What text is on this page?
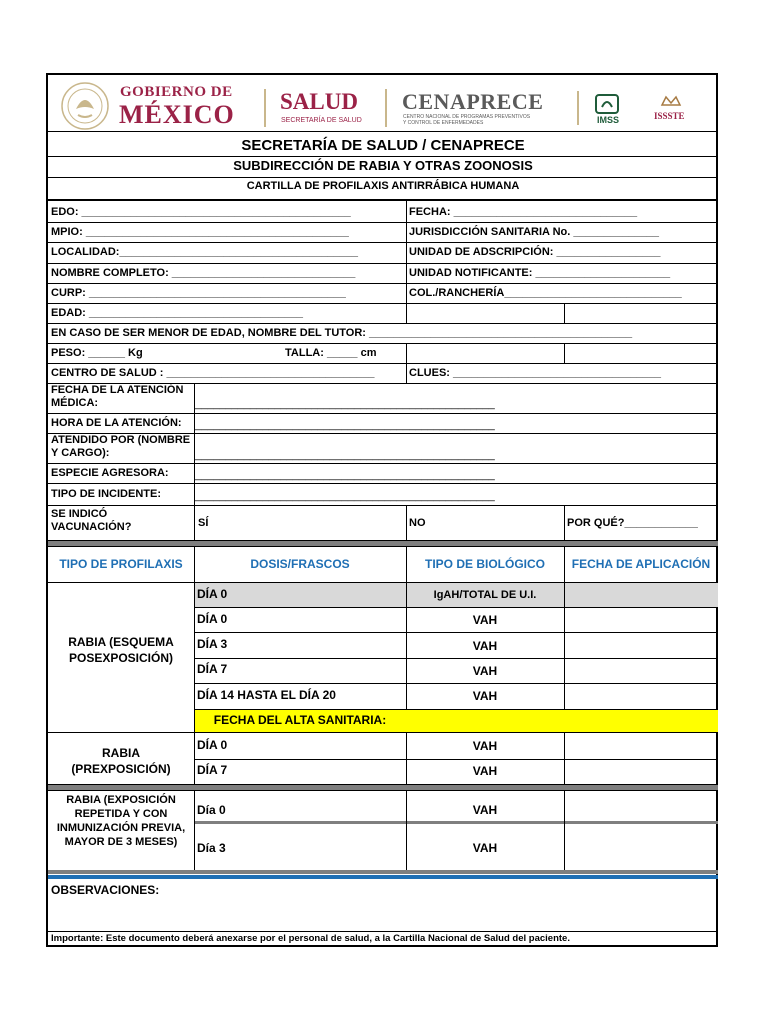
GOBIERNO DE
MÉXICO SALUD
SECRETARÍA DE SALUD
CENAPRECE
CENTRO NACIONAL DE PROGRAMAS PREVENTIVOS
Y CONTROL DE ENFERMEDADES	IMSS	ISSSTE
SECRETARÍA DE SALUD / CENAPRECE
SUBDIRECCIÓN DE RABIA Y OTRAS ZOONOSIS
CARTILLA DE PROFILAXIS ANTIRRÁBICA HUMANA
EDO: ____________________________________________	FECHA: ______________________________
MPIO: ___________________________________________	JURISDICCIÓN SANITARIA No. ______________
LOCALIDAD:_______________________________________	UNIDAD DE ADSCRIPCIÓN: _________________
NOMBRE COMPLETO: ______________________________	UNIDAD NOTIFICANTE: ______________________
CURP: __________________________________________	COL./RANCHERÍA_____________________________
EDAD: ___________________________________
EN CASO DE SER MENOR DE EDAD, NOMBRE DEL TUTOR: ___________________________________________
PESO: ______ Kg	TALLA: _____ cm
CENTRO DE SALUD : __________________________________	CLUES: __________________________________
FECHA DE LA ATENCIÓN MÉDICA:	_________________________________________________
HORA DE LA ATENCIÓN: _________________________________________________
ATENDIDO POR (NOMBRE Y CARGO):	_________________________________________________
ESPECIE AGRESORA: _________________________________________________
TIPO DE INCIDENTE:	_________________________________________________
SE INDICÓ VACUNACIÓN?	SÍ	NO	POR QUÉ?____________
TIPO DE PROFILAXIS	DOSIS/FRASCOS	TIPO DE BIOLÓGICO	FECHA DE APLICACIÓN
RABIA (ESQUEMA POSEXPOSICIÓN)
DÍA 0	IgAH/TOTAL DE U.I.
DÍA 0	VAH
DÍA 3	VAH
DÍA 7	VAH
DÍA 14 HASTA EL DÍA 20	VAH
FECHA DEL ALTA SANITARIA:
RABIA (PREXPOSICIÓN)
DÍA 0	VAH
DÍA 7	VAH
RABIA (EXPOSICIÓN REPETIDA Y CON INMUNIZACIÓN PREVIA, MAYOR DE 3 MESES)
Día 0	VAH
Día 3	VAH
OBSERVACIONES:
Importante: Este documento deberá anexarse por el personal de salud, a la Cartilla Nacional de Salud del paciente.
